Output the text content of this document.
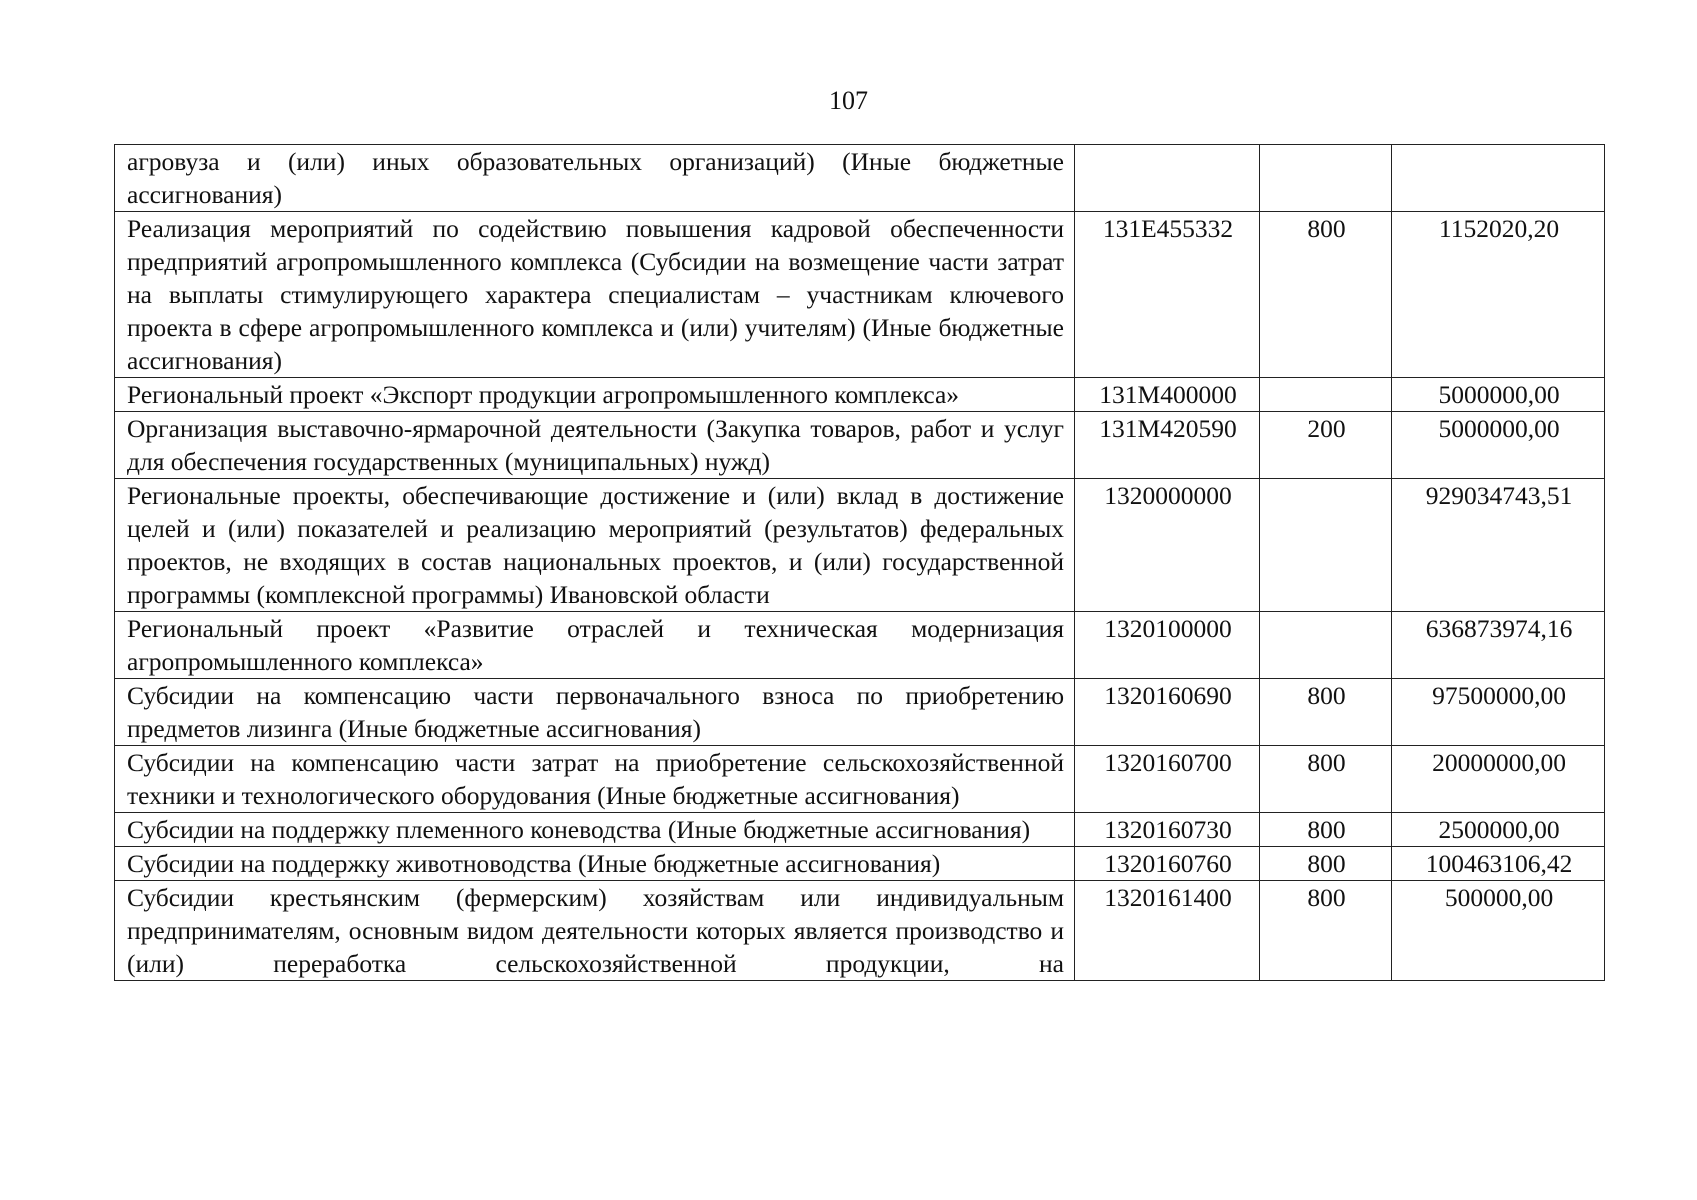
107
агровуза и (или) иных образовательных организаций) (Иные бюджетные ассигнования)			
Реализация мероприятий по содействию повышения кадровой обеспеченности предприятий агропромышленного комплекса (Субсидии на возмещение части затрат на выплаты стимулирующего характера специалистам – участникам ключевого проекта в сфере агропромышленного комплекса и (или) учителям) (Иные бюджетные ассигнования)	131E455332	800	1152020,20
Региональный проект «Экспорт продукции агропромышленного комплекса»	131M400000		5000000,00
Организация выставочно-ярмарочной деятельности (Закупка товаров, работ и услуг для обеспечения государственных (муниципальных) нужд)	131M420590	200	5000000,00
Региональные проекты, обеспечивающие достижение и (или) вклад в достижение целей и (или) показателей и реализацию мероприятий (результатов) федеральных проектов, не входящих в состав национальных проектов, и (или) государственной программы (комплексной программы) Ивановской области	1320000000		929034743,51
Региональный проект «Развитие отраслей и техническая модернизация агропромышленного комплекса»	1320100000		636873974,16
Субсидии на компенсацию части первоначального взноса по приобретению предметов лизинга (Иные бюджетные ассигнования)	1320160690	800	97500000,00
Субсидии на компенсацию части затрат на приобретение сельскохозяйственной техники и технологического оборудования (Иные бюджетные ассигнования)	1320160700	800	20000000,00
Субсидии на поддержку племенного коневодства (Иные бюджетные ассигнования)	1320160730	800	2500000,00
Субсидии на поддержку животноводства (Иные бюджетные ассигнования)	1320160760	800	100463106,42
Субсидии крестьянским (фермерским) хозяйствам или индивидуальным предпринимателям, основным видом деятельности которых является производство и (или) переработка сельскохозяйственной продукции, на	1320161400	800	500000,00
